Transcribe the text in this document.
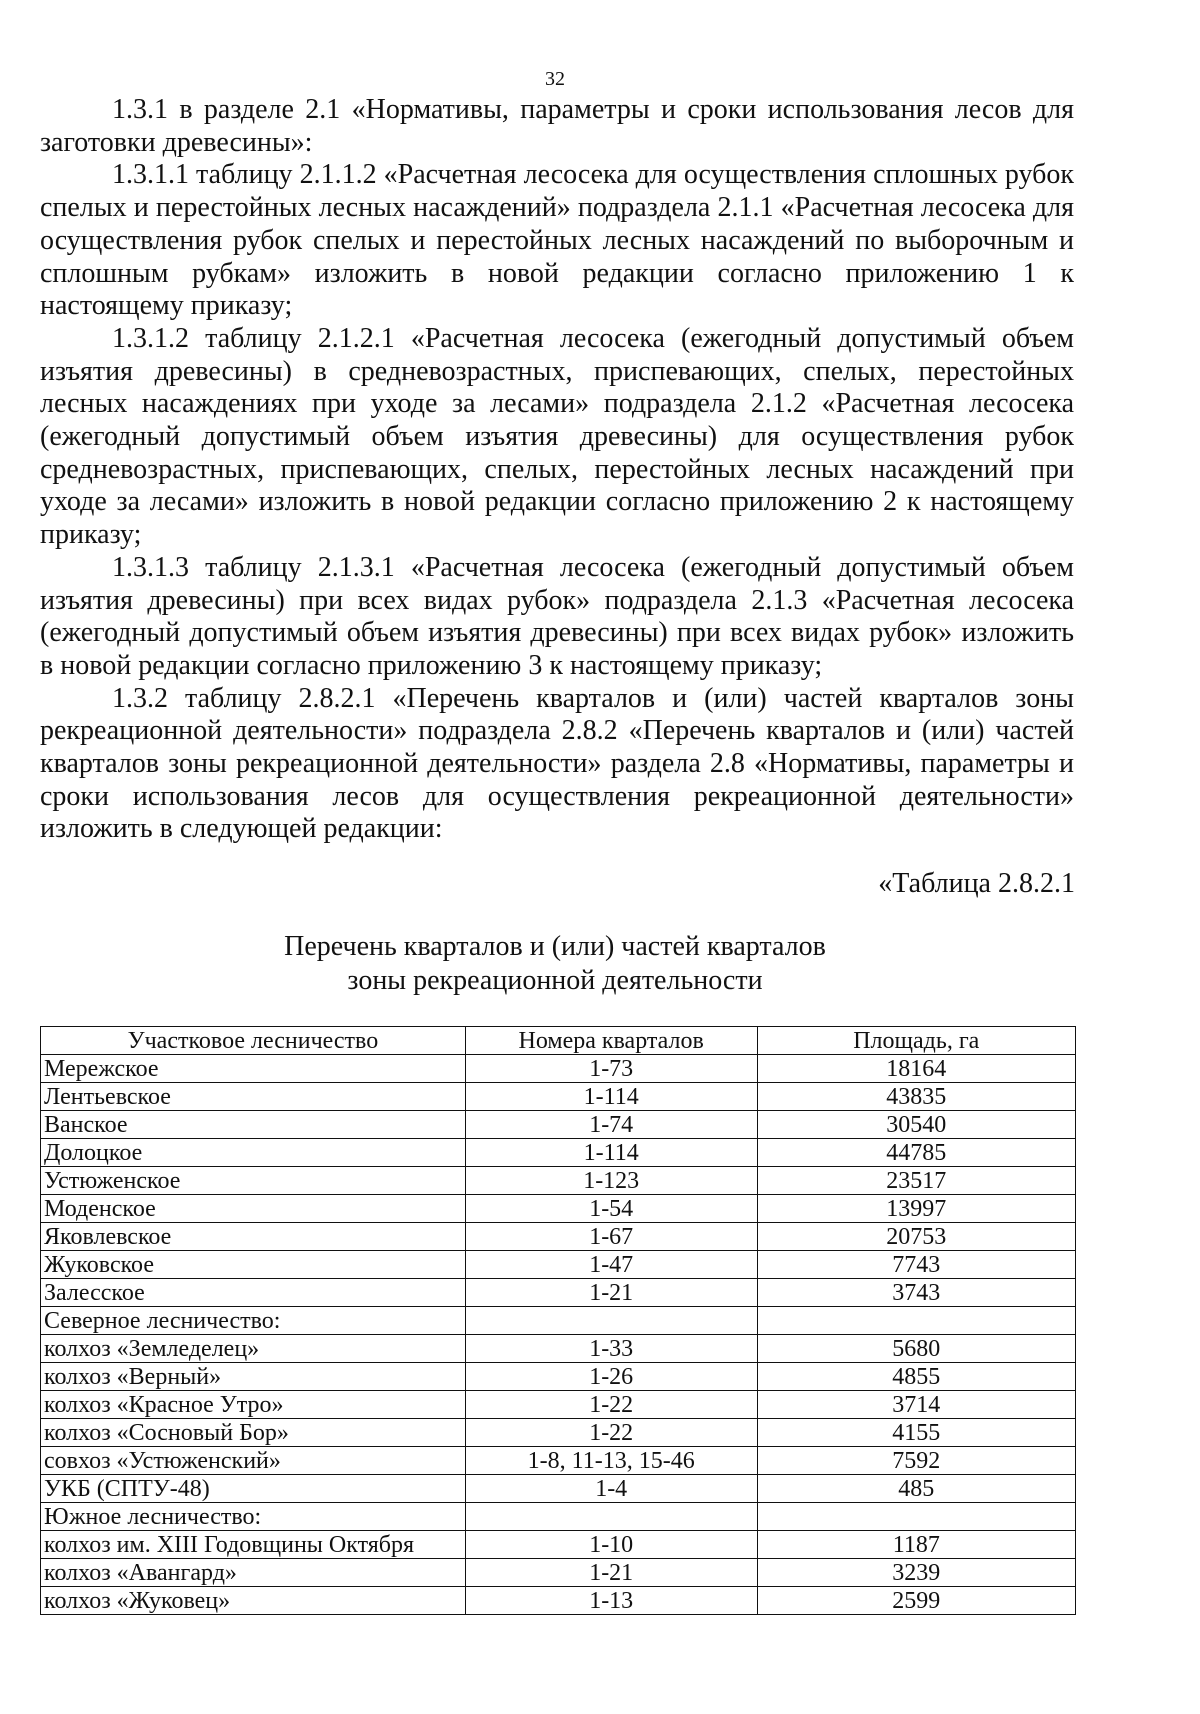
32

1.3.1 в разделе 2.1 «Нормативы, параметры и сроки использования лесов для заготовки древесины»:

1.3.1.1 таблицу 2.1.1.2 «Расчетная лесосека для осуществления сплошных рубок спелых и перестойных лесных насаждений» подраздела 2.1.1 «Расчетная лесосека для осуществления рубок спелых и перестойных лесных насаждений по выборочным и сплошным рубкам» изложить в новой редакции согласно приложению 1 к настоящему приказу;

1.3.1.2 таблицу 2.1.2.1 «Расчетная лесосека (ежегодный допустимый объем изъятия древесины) в средневозрастных, приспевающих, спелых, перестойных лесных насаждениях при уходе за лесами» подраздела 2.1.2 «Расчетная лесосека (ежегодный допустимый объем изъятия древесины) для осуществления рубок средневозрастных, приспевающих, спелых, перестойных лесных насаждений при уходе за лесами» изложить в новой редакции согласно приложению 2 к настоящему приказу;

1.3.1.3 таблицу 2.1.3.1 «Расчетная лесосека (ежегодный допустимый объем изъятия древесины) при всех видах рубок» подраздела 2.1.3 «Расчетная лесосека (ежегодный допустимый объем изъятия древесины) при всех видах рубок» изложить в новой редакции согласно приложению 3 к настоящему приказу;

1.3.2 таблицу 2.8.2.1 «Перечень кварталов и (или) частей кварталов зоны рекреационной деятельности» подраздела 2.8.2 «Перечень кварталов и (или) частей кварталов зоны рекреационной деятельности» раздела 2.8 «Нормативы, параметры и сроки использования лесов для осуществления рекреационной деятельности» изложить в следующей редакции:

«Таблица 2.8.2.1
Перечень кварталов и (или) частей кварталов
зоны рекреационной деятельности
Участковое лесничество	Номера кварталов	Площадь, га
Мережское	1-73	18164
Лентьевское	1-114	43835
Ванское	1-74	30540
Долоцкое	1-114	44785
Устюженское	1-123	23517
Моденское	1-54	13997
Яковлевское	1-67	20753
Жуковское	1-47	7743
Залесское	1-21	3743
Северное лесничество:		
колхоз «Земледелец»	1-33	5680
колхоз «Верный»	1-26	4855
колхоз «Красное Утро»	1-22	3714
колхоз «Сосновый Бор»	1-22	4155
совхоз «Устюженский»	1-8, 11-13, 15-46	7592
УКБ (СПТУ-48)	1-4	485
Южное лесничество:		
колхоз им. XIII Годовщины Октября	1-10	1187
колхоз «Авангард»	1-21	3239
колхоз «Жуковец»	1-13	2599
